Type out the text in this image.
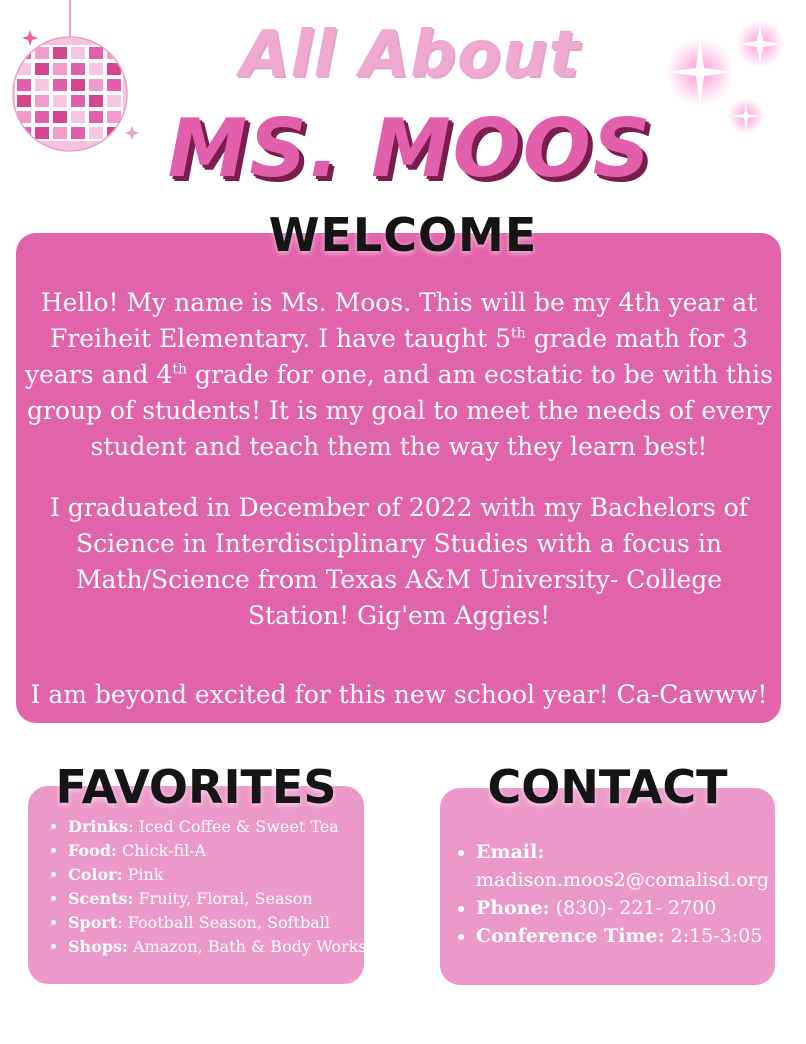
All About
MS. MOOS
WELCOME
Hello! My name is Ms. Moos. This will be my 4th year at Freiheit Elementary. I have taught 5th grade math for 3 years and 4th grade for one, and am ecstatic to be with this group of students! It is my goal to meet the needs of every student and teach them the way they learn best!
I graduated in December of 2022 with my Bachelors of Science in Interdisciplinary Studies with a focus in Math/Science from Texas A&M University- College Station! Gig'em Aggies!
I am beyond excited for this new school year! Ca-Cawww!
FAVORITES
• Drinks: Iced Coffee & Sweet Tea
• Food: Chick-fil-A
• Color: Pink
• Scents: Fruity, Floral, Season
• Sport: Football Season, Softball
• Shops: Amazon, Bath & Body Works
CONTACT
• Email: madison.moos2@comalisd.org
• Phone: (830)- 221- 2700
• Conference Time: 2:15-3:05
